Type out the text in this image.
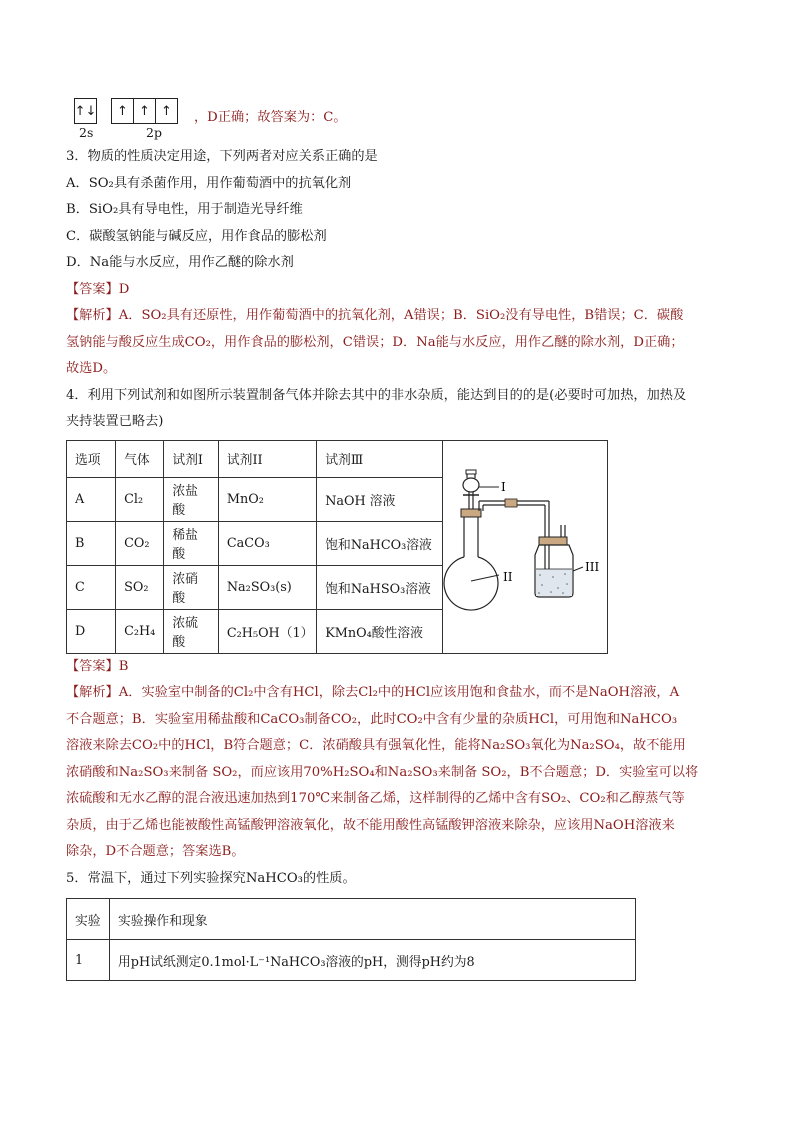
↑↓	↑ ↑ ↑
2s	2p
，D正确；故答案为：C。
3．物质的性质决定用途，下列两者对应关系正确的是
A．SO₂具有杀菌作用，用作葡萄酒中的抗氧化剂
B．SiO₂具有导电性，用于制造光导纤维
C．碳酸氢钠能与碱反应，用作食品的膨松剂
D．Na能与水反应，用作乙醚的除水剂
【答案】D
【解析】A．SO₂具有还原性，用作葡萄酒中的抗氧化剂，A错误；B．SiO₂没有导电性，B错误；C．碳酸
氢钠能与酸反应生成CO₂，用作食品的膨松剂，C错误；D．Na能与水反应，用作乙醚的除水剂，D正确；
故选D。
4．利用下列试剂和如图所示装置制备气体并除去其中的非水杂质，能达到目的的是(必要时可加热，加热及
夹持装置已略去)
选项	气体	试剂I	试剂II	试剂Ⅲ	I
II
III

A	Cl₂	浓盐酸	MnO₂	NaOH 溶液	
B	CO₂	稀盐酸	CaCO₃	饱和NaHCO₃溶液	
C	SO₂	浓硝酸	Na₂SO₃(s)	饱和NaHSO₃溶液	
D	C₂H₄	浓硫酸	C₂H₅OH（1）	KMnO₄酸性溶液	
【答案】B
【解析】A．实验室中制备的Cl₂中含有HCl，除去Cl₂中的HCl应该用饱和食盐水，而不是NaOH溶液，A
不合题意；B．实验室用稀盐酸和CaCO₃制备CO₂，此时CO₂中含有少量的杂质HCl，可用饱和NaHCO₃
溶液来除去CO₂中的HCl，B符合题意；C．浓硝酸具有强氧化性，能将Na₂SO₃氧化为Na₂SO₄，故不能用
浓硝酸和Na₂SO₃来制备 SO₂，而应该用70%H₂SO₄和Na₂SO₃来制备 SO₂，B不合题意；D．实验室可以将
浓硫酸和无水乙醇的混合液迅速加热到170℃来制备乙烯，这样制得的乙烯中含有SO₂、CO₂和乙醇蒸气等
杂质，由于乙烯也能被酸性高锰酸钾溶液氧化，故不能用酸性高锰酸钾溶液来除杂，应该用NaOH溶液来
除杂，D不合题意；答案选B。
5．常温下，通过下列实验探究NaHCO₃的性质。
实验	实验操作和现象
1	用pH试纸测定0.1mol·L⁻¹NaHCO₃溶液的pH，测得pH约为8
